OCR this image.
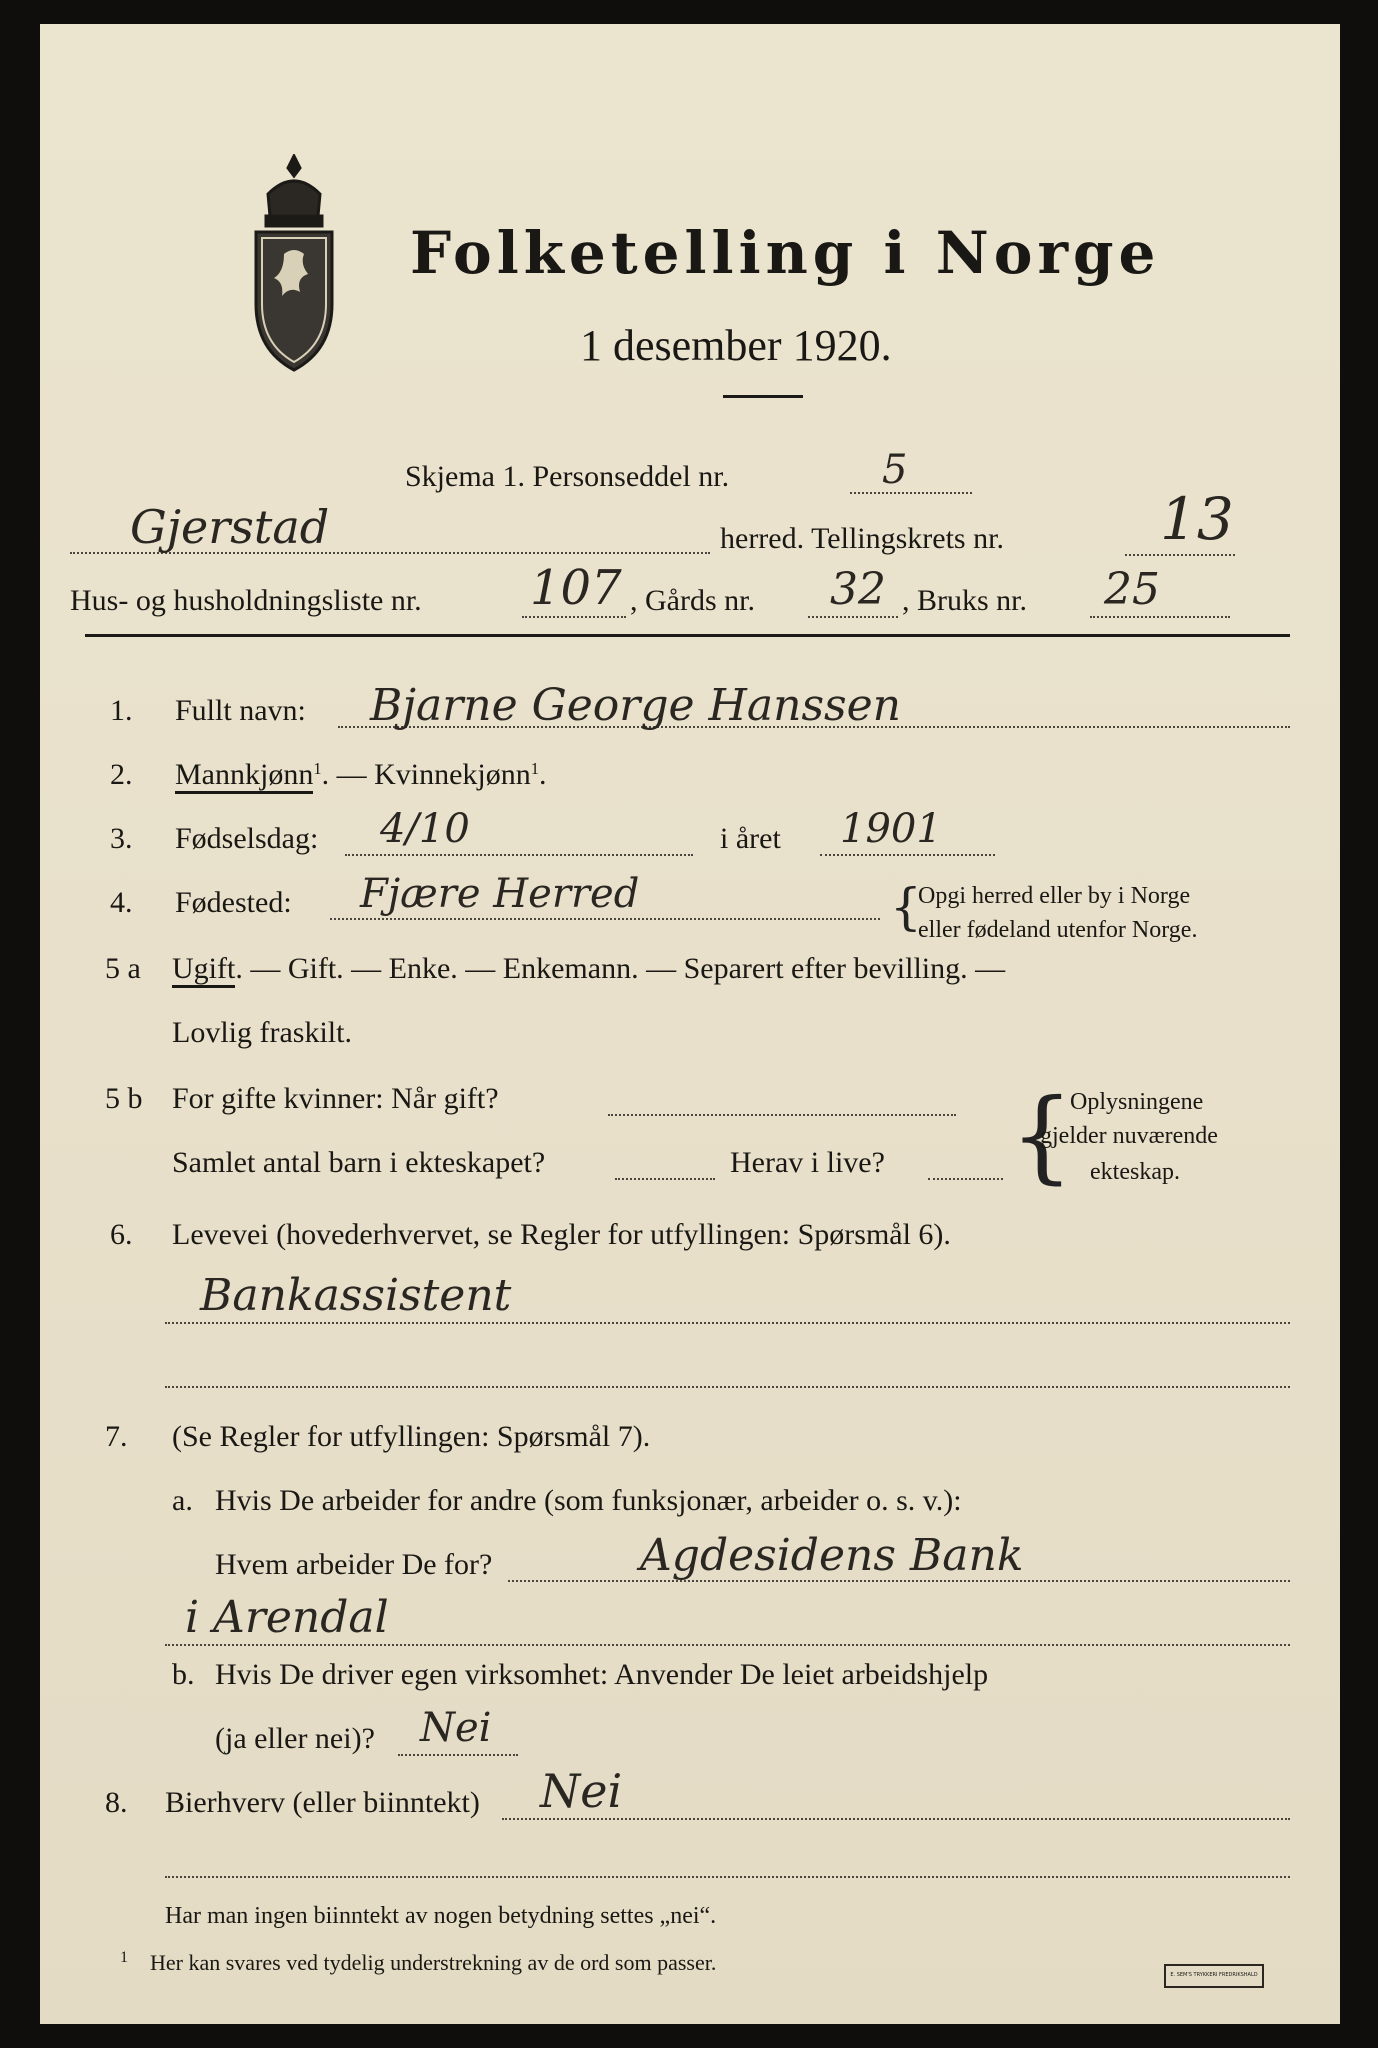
Folketelling i Norge
1 desember 1920.
Skjema 1. Personseddel nr.	5
Gjerstad	herred. Tellingskrets nr.	13
Hus- og husholdningsliste nr. 107 , Gårds nr. 32 , Bruks nr. 25
1. Fullt navn: Bjarne George Hanssen
2. Mannkjønn$^1$. — Kvinnekjønn$^1$.
3. Fødselsdag: 4/10	i året 1901
4. Fødested: Fjære Herred	{
Opgi herred eller by i Norge
eller fødeland utenfor Norge.
5 a Ugift. — Gift. — Enke. — Enkemann. — Separert efter bevilling. —
Lovlig fraskilt.
5 b For gifte kvinner: Når gift?
Samlet antal barn i ekteskapet?	Herav i live? {
Oplysningene
gjelder nuværende
ekteskap.
6. Levevei (hovederhvervet, se Regler for utfyllingen: Spørsmål 6).
Bankassistent
7. (Se Regler for utfyllingen: Spørsmål 7).
a. Hvis De arbeider for andre (som funksjonær, arbeider o. s. v.):
Hvem arbeider De for?	Agdesidens Bank
i Arendal
b. Hvis De driver egen virksomhet: Anvender De leiet arbeidshjelp
(ja eller nei)? Nei
8. Bierhverv (eller biinntekt) Nei
Har man ingen biinntekt av nogen betydning settes „nei“.
1 Her kan svares ved tydelig understrekning av de ord som passer.
E. SEM'S TRYKKERI FREDRIKSHALD
